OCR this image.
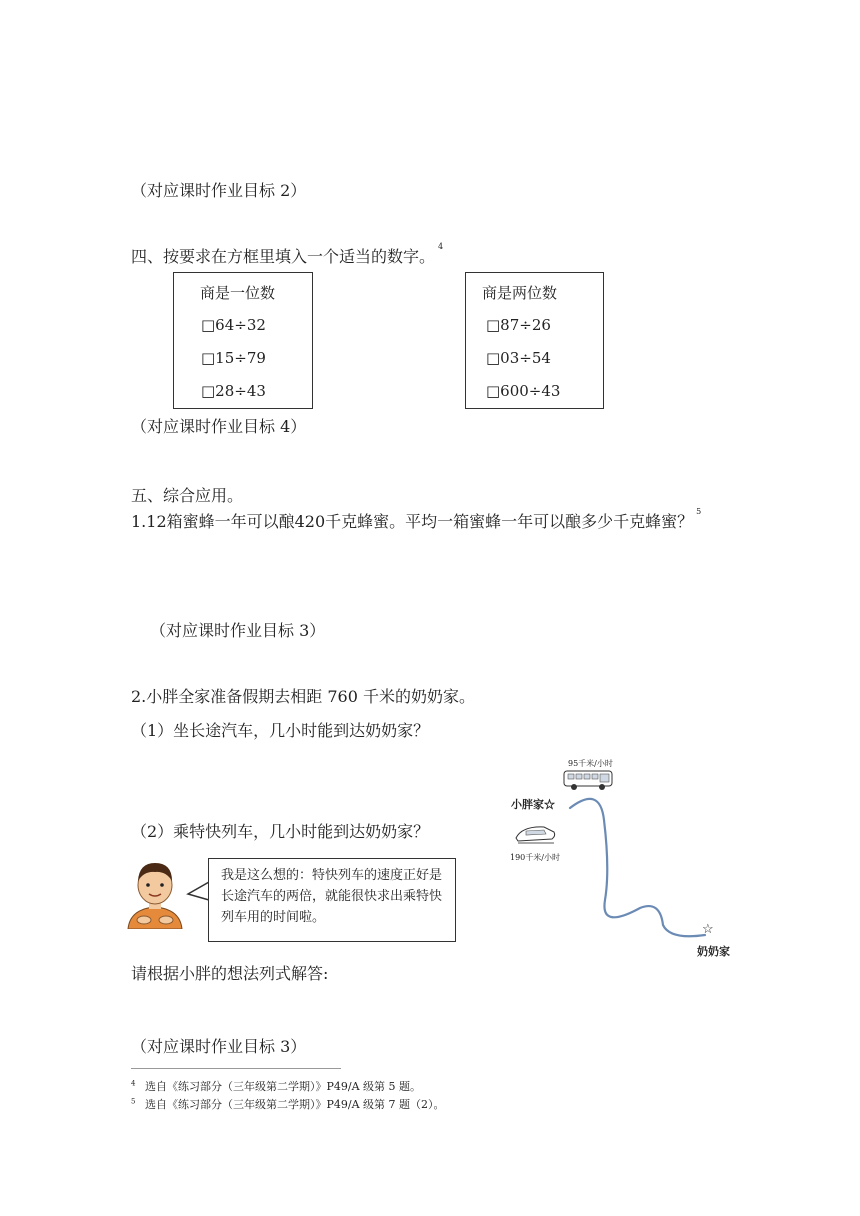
（对应课时作业目标 2）
四、按要求在方框里填入一个适当的数字。$^4$
商是一位数
□64÷32
□15÷79
□28÷43
商是两位数
□87÷26
□03÷54
□600÷43
（对应课时作业目标 4）
五、综合应用。
1.12箱蜜蜂一年可以酿420千克蜂蜜。平均一箱蜜蜂一年可以酿多少千克蜂蜜？$^5$
（对应课时作业目标 3）
2.小胖全家准备假期去相距 760 千米的奶奶家。
（1）坐长途汽车，几小时能到达奶奶家？
（2）乘特快列车，几小时能到达奶奶家？
我是这么想的：特快列车的速度正好是长途汽车的两倍，就能很快求出乘特快列车用的时间啦。
请根据小胖的想法列式解答:
（对应课时作业目标 3）
95千米/小时
小胖家☆
190千米/小时
☆
奶奶家
$^4$ 选自《练习部分（三年级第二学期）》P49/A 级第 5 题。
$^5$ 选自《练习部分（三年级第二学期）》P49/A 级第 7 题（2）。
